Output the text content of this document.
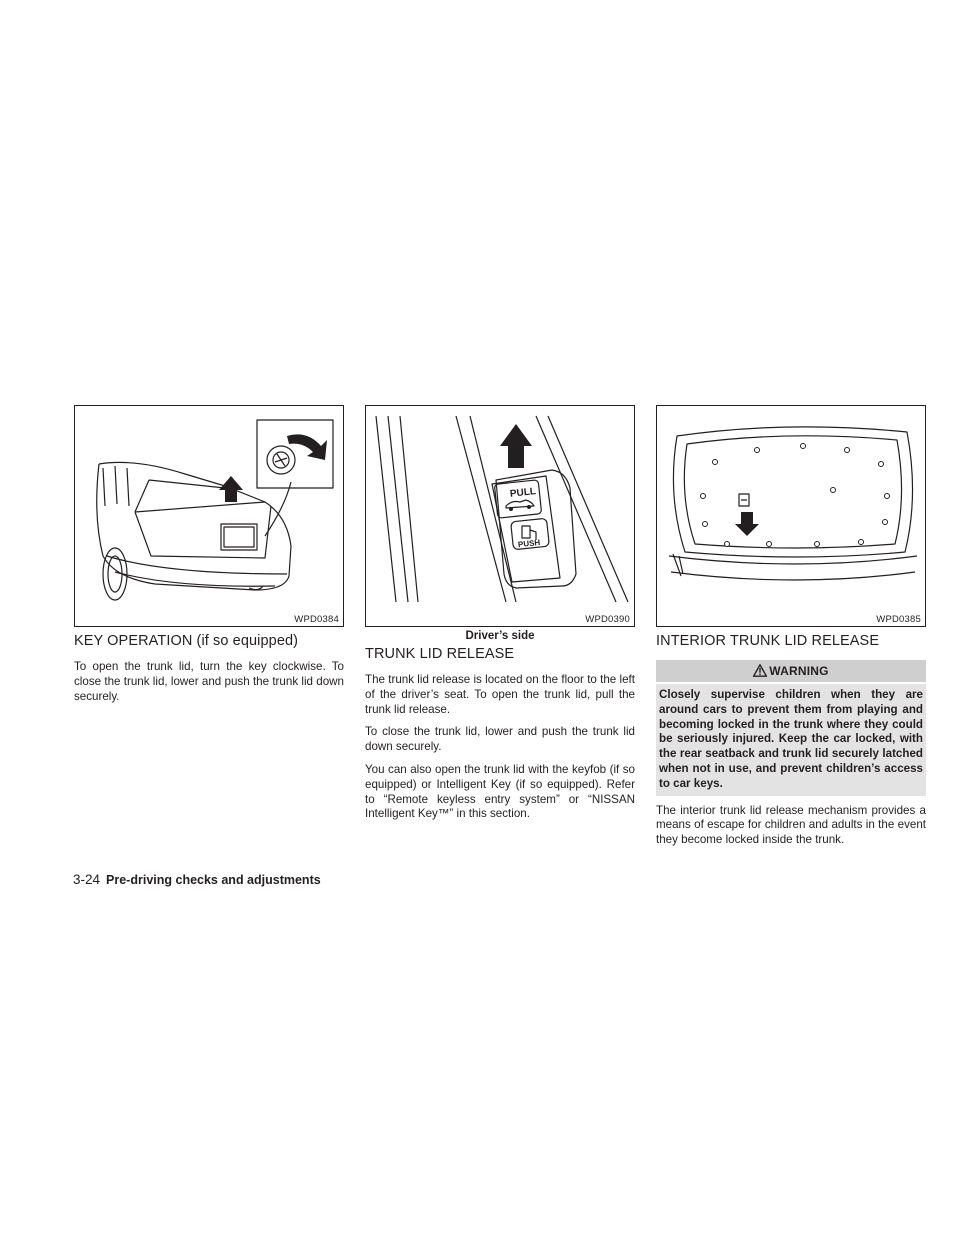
WPD0384
KEY OPERATION (if so equipped)

To open the trunk lid, turn the key clockwise. To close the trunk lid, lower and push the trunk lid down securely.

PULL
PUSH
WPD0390
Driver’s side
TRUNK LID RELEASE

The trunk lid release is located on the floor to the left of the driver’s seat. To open the trunk lid, pull the trunk lid release.

To close the trunk lid, lower and push the trunk lid down securely.

You can also open the trunk lid with the keyfob (if so equipped) or Intelligent Key (if so equipped). Refer to “Remote keyless entry system” or “NISSAN Intelligent Key™” in this section.

WPD0385
INTERIOR TRUNK LID RELEASE
WARNING
Closely supervise children when they are around cars to prevent them from playing and becoming locked in the trunk where they could be seriously injured. Keep the car locked, with the rear seatback and trunk lid securely latched when not in use, and prevent children’s access to car keys.

The interior trunk lid release mechanism provides a means of escape for children and adults in the event they become locked inside the trunk.

3-24 Pre-driving checks and adjustments
